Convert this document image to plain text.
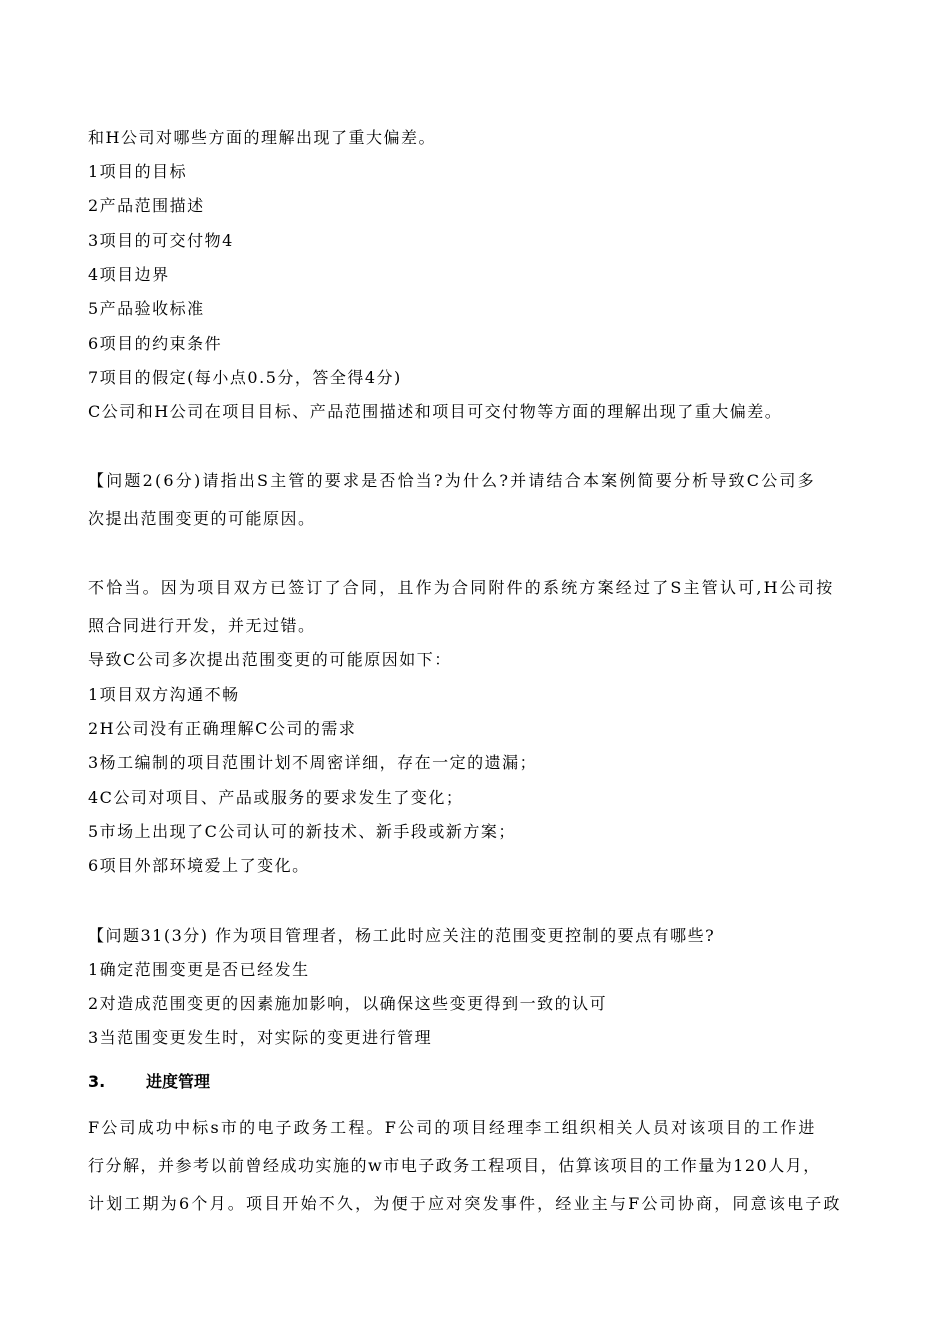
和H公司对哪些方面的理解出现了重大偏差。

1项目的目标

2产品范围描述

3项目的可交付物4

4项目边界

5产品验收标准

6项目的约束条件

7项目的假定(每小点0.5分，答全得4分)

C公司和H公司在项目目标、产品范围描述和项目可交付物等方面的理解出现了重大偏差。

【问题2(6分)请指出S主管的要求是否恰当?为什么?并请结合本案例简要分析导致C公司多

次提出范围变更的可能原因。

不恰当。因为项目双方已签订了合同，且作为合同附件的系统方案经过了S主管认可,H公司按

照合同进行开发，并无过错。

导致C公司多次提出范围变更的可能原因如下：

1项目双方沟通不畅

2H公司没有正确理解C公司的需求

3杨工编制的项目范围计划不周密详细，存在一定的遗漏；

4C公司对项目、产品或服务的要求发生了变化；

5市场上出现了C公司认可的新技术、新手段或新方案；

6项目外部环境爱上了变化。

【问题31(3分) 作为项目管理者，杨工此时应关注的范围变更控制的要点有哪些?

1确定范围变更是否已经发生

2对造成范围变更的因素施加影响，以确保这些变更得到一致的认可

3当范围变更发生时，对实际的变更进行管理

3.	进度管理

F公司成功中标s市的电子政务工程。F公司的项目经理李工组织相关人员对该项目的工作进

行分解，并参考以前曾经成功实施的w市电子政务工程项目，估算该项目的工作量为120人月，

计划工期为6个月。项目开始不久，为便于应对突发事件，经业主与F公司协商，同意该电子政
